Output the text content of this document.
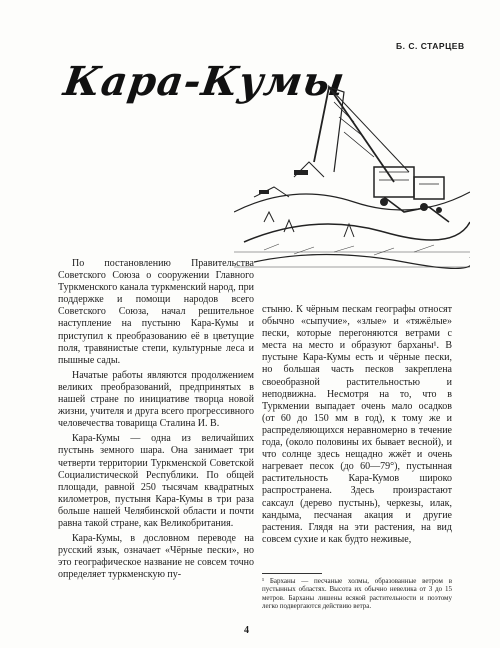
Б. С. СТАРЦЕВ
Кара-Кумы

По постановлению Правительства Советского Союза о сооружении Главного Туркменского канала туркменский народ, при поддержке и помощи народов всего Советского Союза, начал решительное наступление на пустыню Кара-Кумы и приступил к преобразованию её в цветущие поля, травянистые степи, культурные леса и пышные сады.

Начатые работы являются продолжением великих преобразований, предпринятых в нашей стране по инициативе творца новой жизни, учителя и друга всего прогрессивного человечества товарища Сталина И. В.

Кара-Кумы — одна из величайших пустынь земного шара. Она занимает три четверти территории Туркменской Советской Социалистической Республики. По общей площади, равной 250 тысячам квадратных километров, пустыня Кара-Кумы в три раза больше нашей Челябинской области и почти равна такой стране, как Великобритания.

Кара-Кумы, в дословном переводе на русский язык, означает «Чёрные пески», но это географическое название не совсем точно определяет туркменскую пу-

стыню. К чёрным пескам географы относят обычно «сыпучие», «злые» и «тяжёлые» пески, которые перегоняются ветрами с места на место и образуют барханы¹. В пустыне Кара-Кумы есть и чёрные пески, но большая часть песков закреплена своеобразной растительностью и неподвижна. Несмотря на то, что в Туркмении выпадает очень мало осадков (от 60 до 150 мм в год), к тому же и распределяющихся неравномерно в течение года, (около половины их бывает весной), и что солнце здесь нещадно жжёт и очень нагревает песок (до 60—79°), пустынная растительность Кара-Кумов широко распространена. Здесь произрастают саксаул (дерево пустынь), черкезы, илак, кандыма, песчаная акация и другие растения. Глядя на эти растения, на вид совсем сухие и как будто неживые,

¹ Барханы — песчаные холмы, образованные ветром в пустынных областях. Высота их обычно невелика от 3 до 15 метров. Барханы лишены всякой растительности и поэтому легко подвергаются действию ветра.
4
